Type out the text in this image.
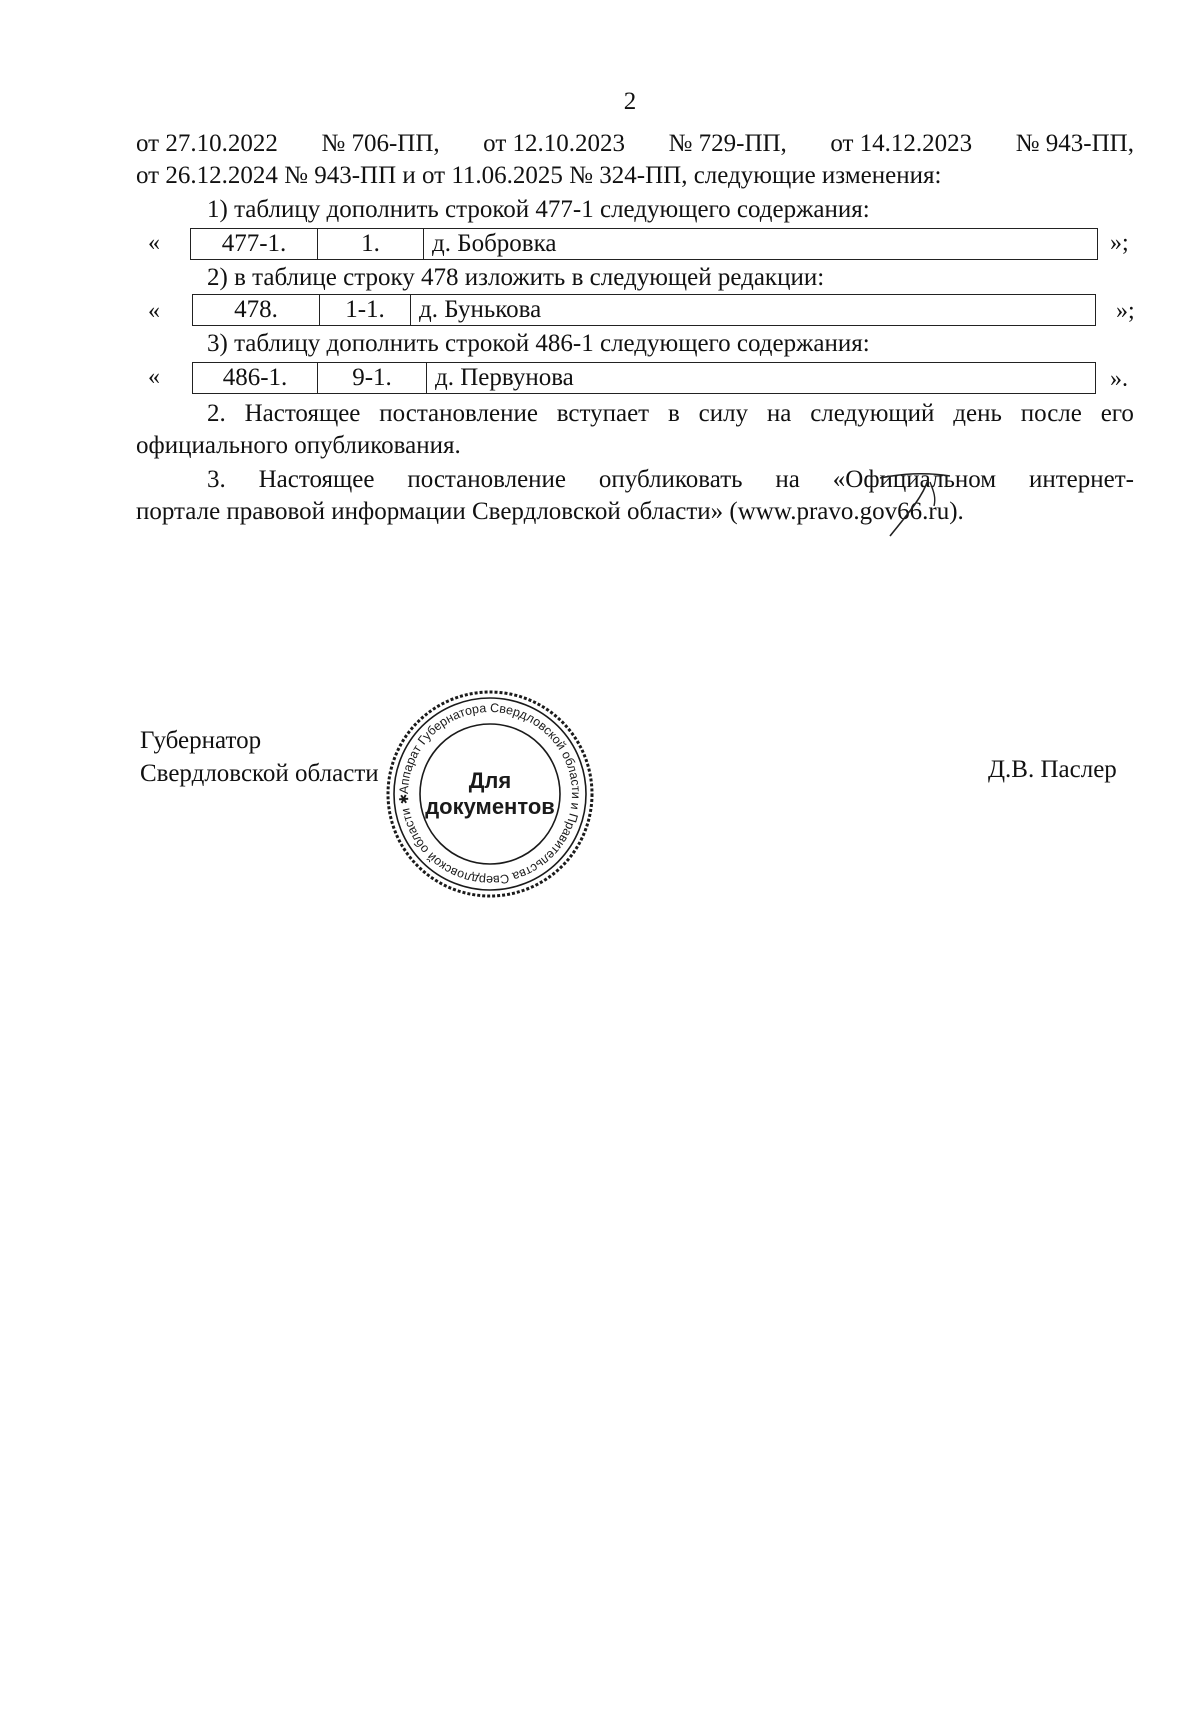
2
от 27.10.2022 № 706-ПП, от 12.10.2023 № 729-ПП, от 14.12.2023 № 943-ПП,
от 26.12.2024 № 943-ПП и от 11.06.2025 № 324-ПП, следующие изменения:
1) таблицу дополнить строкой 477-1 следующего содержания:
«	477-1.	1.	д. Бобровка	»;
2) в таблице строку 478 изложить в следующей редакции:
«	478.	1-1.	д. Бунькова	»;
3) таблицу дополнить строкой 486-1 следующего содержания:
«	486-1.	9-1.	д. Первунова	».
2. Настоящее постановление вступает в силу на следующий день после его
официального опубликования.
3. Настоящее постановление опубликовать на «Официальном интернет-
портале правовой информации Свердловской области» (www.pravo.gov66.ru).
Губернатор
Свердловской области	Д.В. Паслер
Аппарат Губернатора Свердловской области и Правительства Свердловской области ✱
Для
документов
